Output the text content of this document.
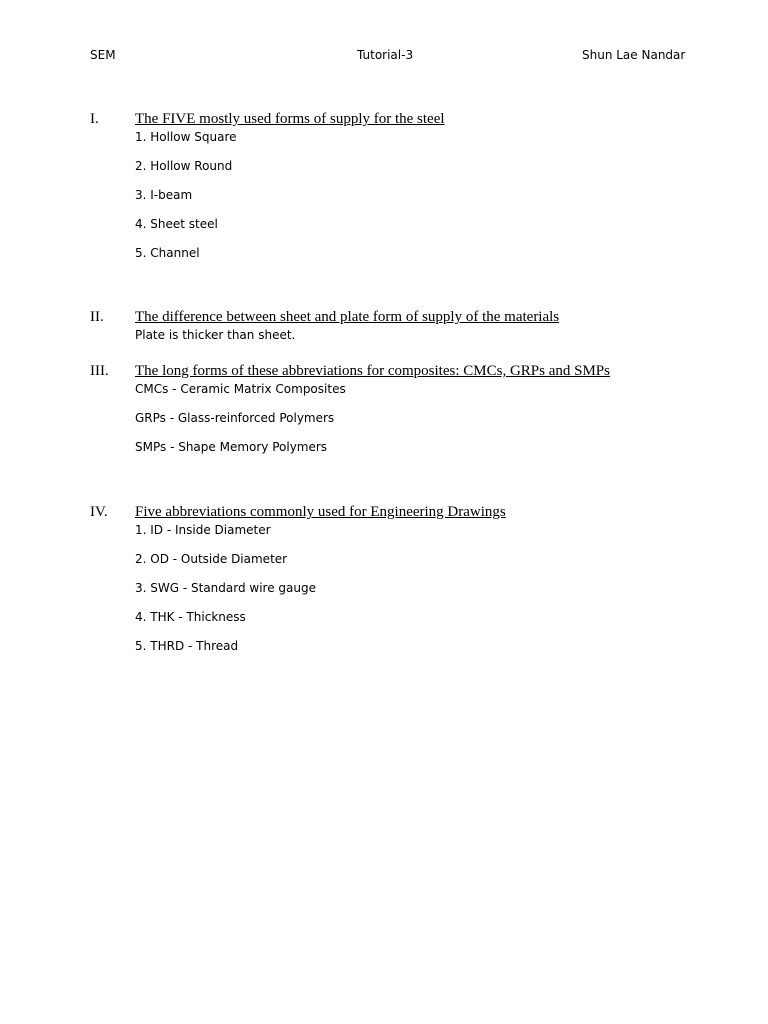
SEM	Tutorial-3	Shun Lae Nandar
I. The FIVE mostly used forms of supply for the steel
1. Hollow Square
2. Hollow Round
3. I-beam
4. Sheet steel
5. Channel
II. The difference between sheet and plate form of supply of the materials
Plate is thicker than sheet.
III. The long forms of these abbreviations for composites: CMCs, GRPs and SMPs
CMCs - Ceramic Matrix Composites
GRPs - Glass-reinforced Polymers
SMPs - Shape Memory Polymers
IV. Five abbreviations commonly used for Engineering Drawings
1. ID - Inside Diameter
2. OD - Outside Diameter
3. SWG - Standard wire gauge
4. THK - Thickness
5. THRD - Thread
